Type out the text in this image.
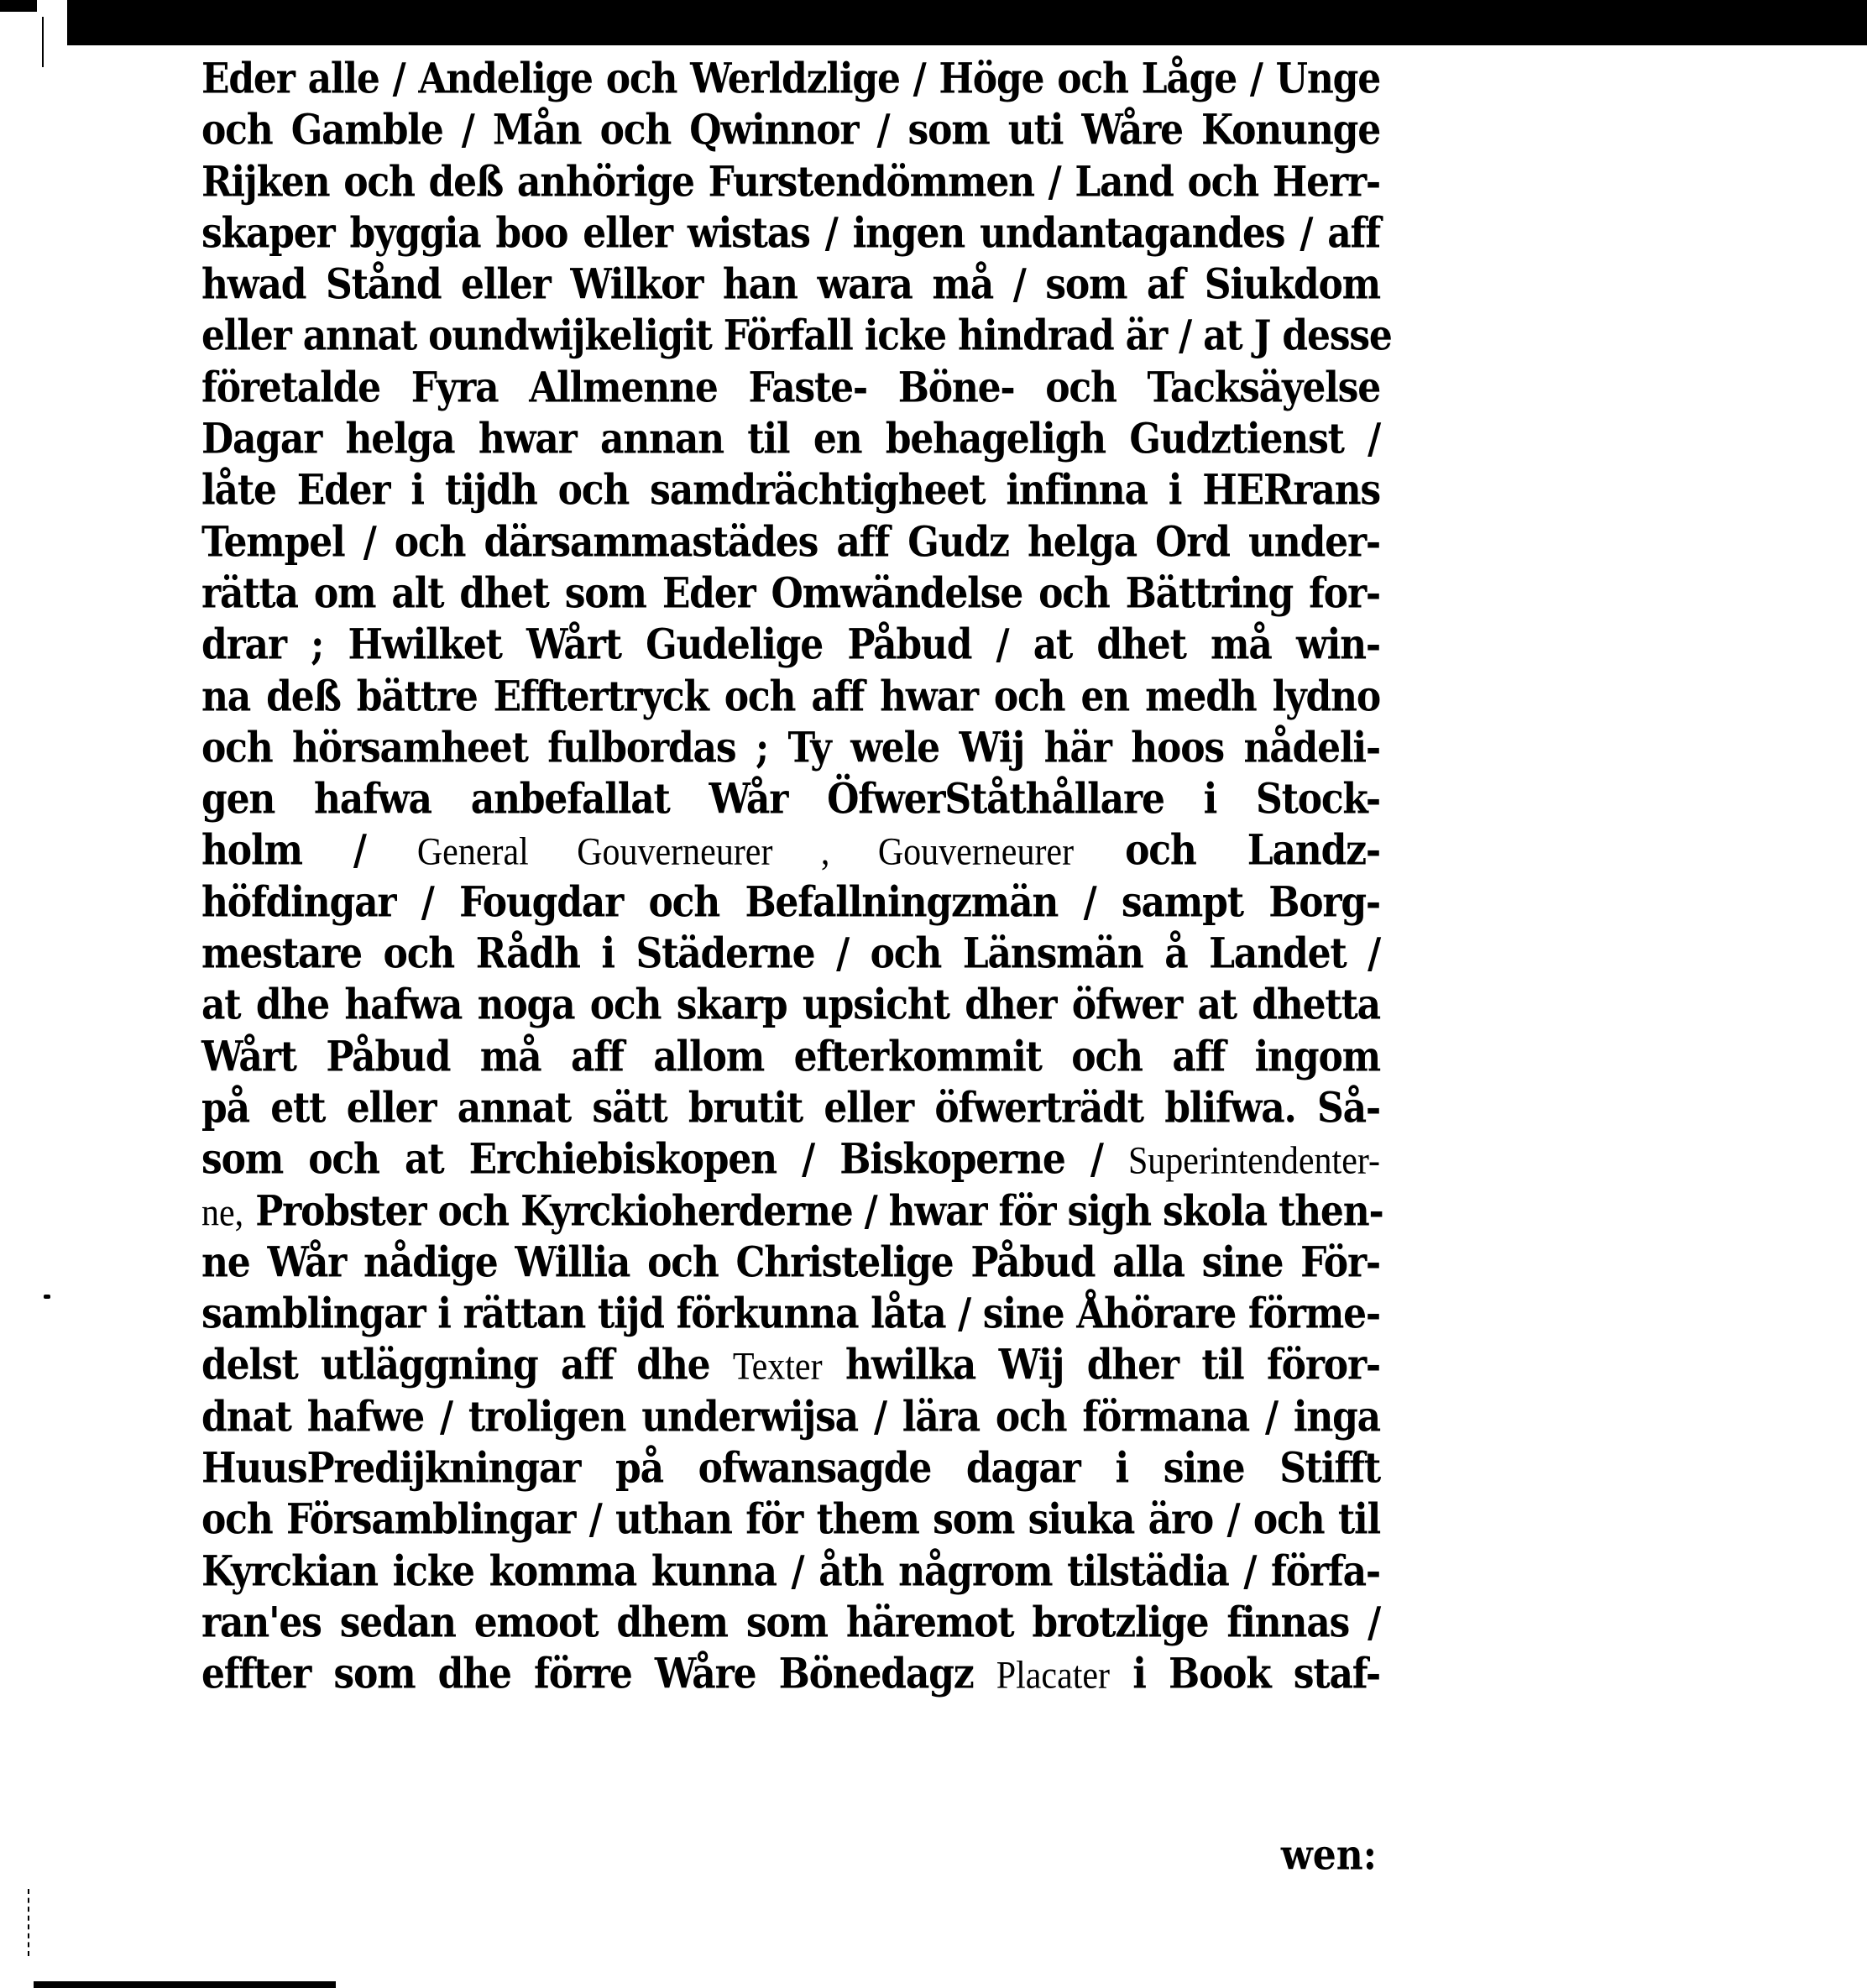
Eder alle / Andelige och Werldzlige / Höge och Låge / Unge
och Gamble / Mån och Qwinnor / som uti Wåre Konunge
Rijken och deß anhörige Furstendömmen / Land och Herr-
skaper byggia boo eller wistas / ingen undantagandes / aff
hwad Stånd eller Wilkor han wara må / som af Siukdom
eller annat oundwijkeligit Förfall icke hindrad är / at J desse
företalde Fyra Allmenne Faste- Böne- och Tacksäyelse
Dagar helga hwar annan til en behageligh Gudztienst /
låte Eder i tijdh och samdrächtigheet infinna i HERrans
Tempel / och därsammastädes aff Gudz helga Ord under-
rätta om alt dhet som Eder Omwändelse och Bättring for-
drar ; Hwilket Wårt Gudelige Påbud / at dhet må win-
na deß bättre Efftertryck och aff hwar och en medh lydno
och hörsamheet fulbordas ; Ty wele Wij här hoos nådeli-
gen hafwa anbefallat Wår ÖfwerStåthållare i Stock-
holm / General Gouverneurer , Gouverneurer och Landz-
höfdingar / Fougdar och Befallningzmän / sampt Borg-
mestare och Rådh i Städerne / och Länsmän å Landet /
at dhe hafwa noga och skarp upsicht dher öfwer at dhetta
Wårt Påbud må aff allom efterkommit och aff ingom
på ett eller annat sätt brutit eller öfwerträdt blifwa. Så-
som och at Erchiebiskopen / Biskoperne / Superintendenter-
ne, Probster och Kyrckioherderne / hwar för sigh skola then-
ne Wår nådige Willia och Christelige Påbud alla sine För-
samblingar i rättan tijd förkunna låta / sine Åhörare förme-
delst utläggning aff dhe Texter hwilka Wij dher til föror-
dnat hafwe / troligen underwijsa / lära och förmana / inga
HuusPredijkningar på ofwansagde dagar i sine Stifft
och Församblingar / uthan för them som siuka äro / och til
Kyrckian icke komma kunna / åth någrom tilstädia / förfa-
ran'es sedan emoot dhem som häremot brotzlige finnas /
effter som dhe förre Wåre Bönedagz Placater i Book staf-
wen:
